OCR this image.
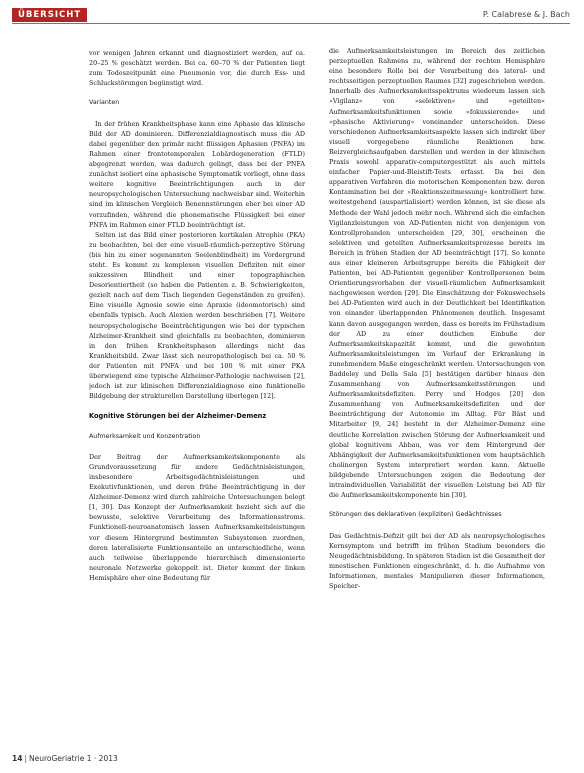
ÜBERSICHT	P. Calabrese & J. Bach

vor wenigen Jahren erkannt und diagnostiziert werden, auf ca. 20–25 % geschätzt werden. Bei ca. 60–70 % der Patienten liegt zum Todeszeitpunkt eine Pneumonie vor, die durch Ess- und Schluckstörungen begünstigt wird.

Varianten

In der frühen Krankheitsphase kann eine Aphasie das klinische Bild der AD dominieren. Differenzialdiagnostisch muss die AD dabei gegenüber den primär nicht flüssigen Aphasien (PNFA) im Rahmen einer frontotemporalen Lobärdegeneration (FTLD) abgegrenzt werden, was dadurch gelingt, dass bei der PNFA zunächst isoliert eine aphasische Symptomatik vorliegt, ohne dass weitere kognitive Beeinträchtigungen auch in der neuropsychologischen Untersuchung nachweisbar sind. Weiterhin sind im klinischen Vergleich Benennstörungen eher bei einer AD vorzufinden, während die phonematische Flüssigkeit bei einer PNFA im Rahmen einer FTLD beeinträchtigt ist.

Selten ist das Bild einer posterioren kortikalen Atrophie (PKA) zu beobachten, bei der eine visuell-räumlich-perzeptive Störung (bis hin zu einer sogenannten Seelenblindheit) im Vordergrund steht. Es kommt zu komplexen visuellen Defiziten mit einer sukzessiven Blindheit und einer topographischen Desorientiertheit (so haben die Patienten z. B. Schwierigkeiten, gezielt nach auf dem Tisch liegenden Gegenständen zu greifen). Eine visuelle Agnosie sowie eine Apraxie (ideomotorisch) sind ebenfalls typisch. Auch Alexien werden beschrieben [7]. Weitere neuropsychologische Beeinträchtigungen wie bei der typischen Alzheimer-Krankheit sind gleichfalls zu beobachten, dominieren in den frühen Krankheitsphasen allerdings nicht das Krankheitsbild. Zwar lässt sich neuropathologisch bei ca. 50 % der Patienten mit PNFA und bei 100 % mit einer PKA überwiegend eine typische Alzheimer-Pathologie nachweisen [2], jedoch ist zur klinischen Differenzialdiagnose eine funktionelle Bildgebung der strukturellen Darstellung überlegen [12].

Kognitive Störungen bei der Alzheimer-Demenz
Aufmerksamkeit und Konzentration

Der Beitrag der Aufmerksamkeitskomponente als Grundvoraussetzung für andere Gedächtnisleistungen, insbesondere Arbeitsgedächtnisleistungen und Exekutivfunktionen, und deren frühe Beeinträchtigung in der Alzheimer-Demenz wird durch zahlreiche Untersuchungen belegt [1, 30]. Das Konzept der Aufmerksamkeit bezieht sich auf die bewusste, selektive Verarbeitung des Informationsstroms. Funktionell-neuroanatomisch lassen Aufmerksamkeitsleistungen vor diesem Hintergrund bestimmten Subsystemen zuordnen, deren lateralisierte Funktionsanteile an unterschiedliche, wenn auch teilweise überlappende hierarchisch dimensionierte neuronale Netzwerke gekoppelt ist. Dieter kommt der linken Hemisphäre eher eine Bedeutung für

die Aufmerksamkeitsleistungen im Bereich des zeitlichen perzeptuellen Rahmens zu, während der rechten Hemisphäre eine besondere Rolle bei der Verarbeitung des lateral- und rechtsseitigen perzeptuellen Raumes [32] zugeschrieben werden. Innerhalb des Aufmerksamkeitsspektrums wiederum lassen sich »Vigilanz« von »selektiven« und »geteilten« Aufmerksamkeitsfunktionen sowie »fokussierende« und »phasische Aktivierung« voneinander unterscheiden. Diese verschiedenen Aufmerksamkeitsaspekte lassen sich indirekt über visuell vorgegebene räumliche Reaktionen bzw. Reizvergleichsaufgaben darstellen und werden in der klinischen Praxis sowohl apparativ-computergestützt als auch mittels einfacher Papier-und-Bleistift-Tests erfasst. Da bei den apparativen Verfahren die motorischen Komponenten bzw. deren Kontamination bei der »Reaktionszeitmessung« kontrolliert bzw. weitestgehend (auspartialisiert) werden können, ist sie diese als Methode der Wahl jedoch mehr noch. Während sich die einfachen Vigilanzleistungen von AD-Patienten nicht von denjenigen von Kontrollprobanden unterscheiden [29, 30], erscheinen die selektiven und geteilten Aufmerksamkeitsprozesse bereits im Bereich in frühen Stadien der AD beeinträchtigt [17]. So konnte aus einer kleineren Arbeitsgruppe bereits die Fähigkeit der Patienten, bei AD-Patienten gegenüber Kontrollpersonen beim Orientierungsvorhaben der visuell-räumlichen Aufmerksamkeit nachgewiesen werden [29]. Die Einschätzung der Fokuswechsels bei AD-Patienten wird auch in der Deutlichkeit bei Identifikation von einander überlappenden Phänomenen deutlich. Insgesamt kann davon ausgegangen werden, dass es bereits im Frühstadium der AD zu einer deutlichen Einbuße der Aufmerksamkeitskapazität kommt, und die gewohnten Aufmerksamkeitsleistungen im Verlauf der Erkrankung in zunehmendem Maße eingeschränkt werden. Untersuchungen von Baddeley und Della Sala [5] bestätigen darüber hinaus den Zusammenhang von Aufmerksamkeitsstörungen und Aufmerksamkeitsdefiziten. Perry und Hodges [20] den Zusammenhang von Aufmerksamkeitsdefiziten und der Beeinträchtigung der Autonomie im Alltag. Für Bäst und Mitarbeiter [9, 24] besteht in der Alzheimer-Demenz eine deutliche Korrelation zwischen Störung der Aufmerksamkeit und global kognitivem Abbau, was vor dem Hintergrund der Abhängigkeit der Aufmerksamkeitsfunktionen vom hauptsächlich cholinergen System interpretiert werden kann. Aktuelle bildgebende Untersuchungen zeigen die Bedeutung der intraindividuellen Variabilität der visuellen Leistung bei AD für die Aufmerksamkeitskomponente hin [30].

Störungen des deklarativen (expliziten) Gedächtnisses

Das Gedächtnis-Defizit gilt bei der AD als neuropsychologisches Kernsymptom und betrifft im frühen Stadium besonders die Neugedächtnisbildung. In späteren Stadien ist die Gesamtheit der mnestischen Funktionen eingeschränkt, d. h. die Aufnahme von Informationen, mentales Manipulieren dieser Informationen, Speicher-

14 | NeuroGeriatrie 1 · 2013
